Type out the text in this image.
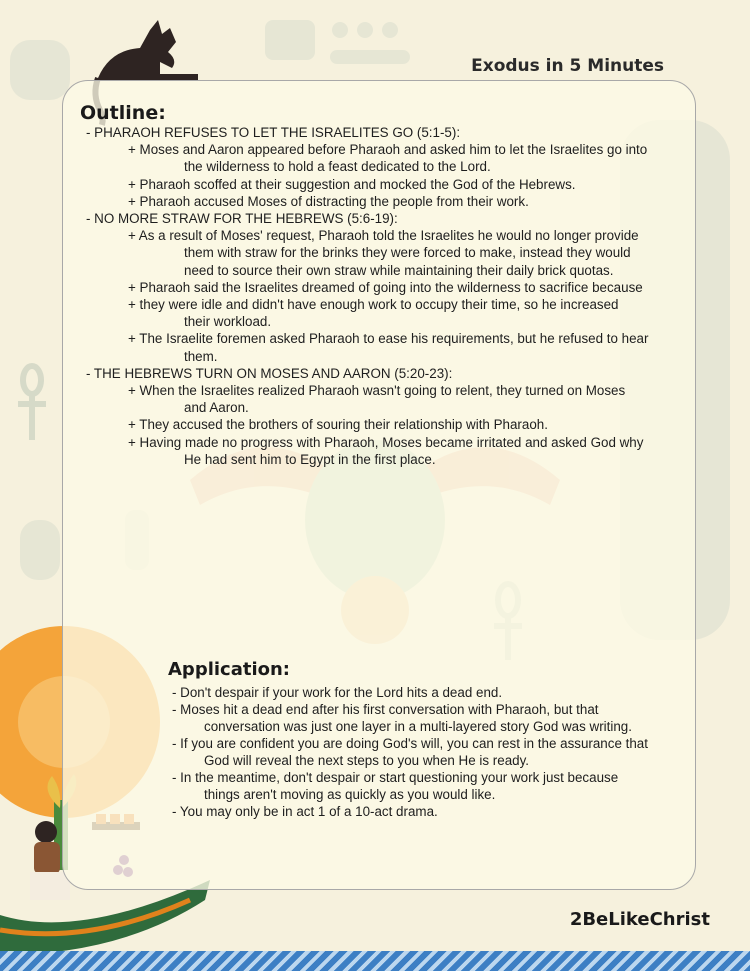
Exodus in 5 Minutes
Outline:
- PHARAOH REFUSES TO LET THE ISRAELITES GO (5:1-5):
+ Moses and Aaron appeared before Pharaoh and asked him to let the Israelites go into
the wilderness to hold a feast dedicated to the Lord.
+ Pharaoh scoffed at their suggestion and mocked the God of the Hebrews.
+ Pharaoh accused Moses of distracting the people from their work.
- NO MORE STRAW FOR THE HEBREWS (5:6-19):
+ As a result of Moses' request, Pharaoh told the Israelites he would no longer provide
them with straw for the brinks they were forced to make, instead they would
need to source their own straw while maintaining their daily brick quotas.
+ Pharaoh said the Israelites dreamed of going into the wilderness to sacrifice because
+ they were idle and didn't have enough work to occupy their time, so he increased
their workload.
+ The Israelite foremen asked Pharaoh to ease his requirements, but he refused to hear
them.
- THE HEBREWS TURN ON MOSES AND AARON (5:20-23):
+ When the Israelites realized Pharaoh wasn't going to relent, they turned on Moses
and Aaron.
+ They accused the brothers of souring their relationship with Pharaoh.
+ Having made no progress with Pharaoh, Moses became irritated and asked God why
He had sent him to Egypt in the first place.
Application:
- Don't despair if your work for the Lord hits a dead end.
- Moses hit a dead end after his first conversation with Pharaoh, but that
conversation was just one layer in a multi-layered story God was writing.
- If you are confident you are doing God's will, you can rest in the assurance that
God will reveal the next steps to you when He is ready.
- In the meantime, don't despair or start questioning your work just because
things aren't moving as quickly as you would like.
- You may only be in act 1 of a 10-act drama.
2BeLikeChrist
